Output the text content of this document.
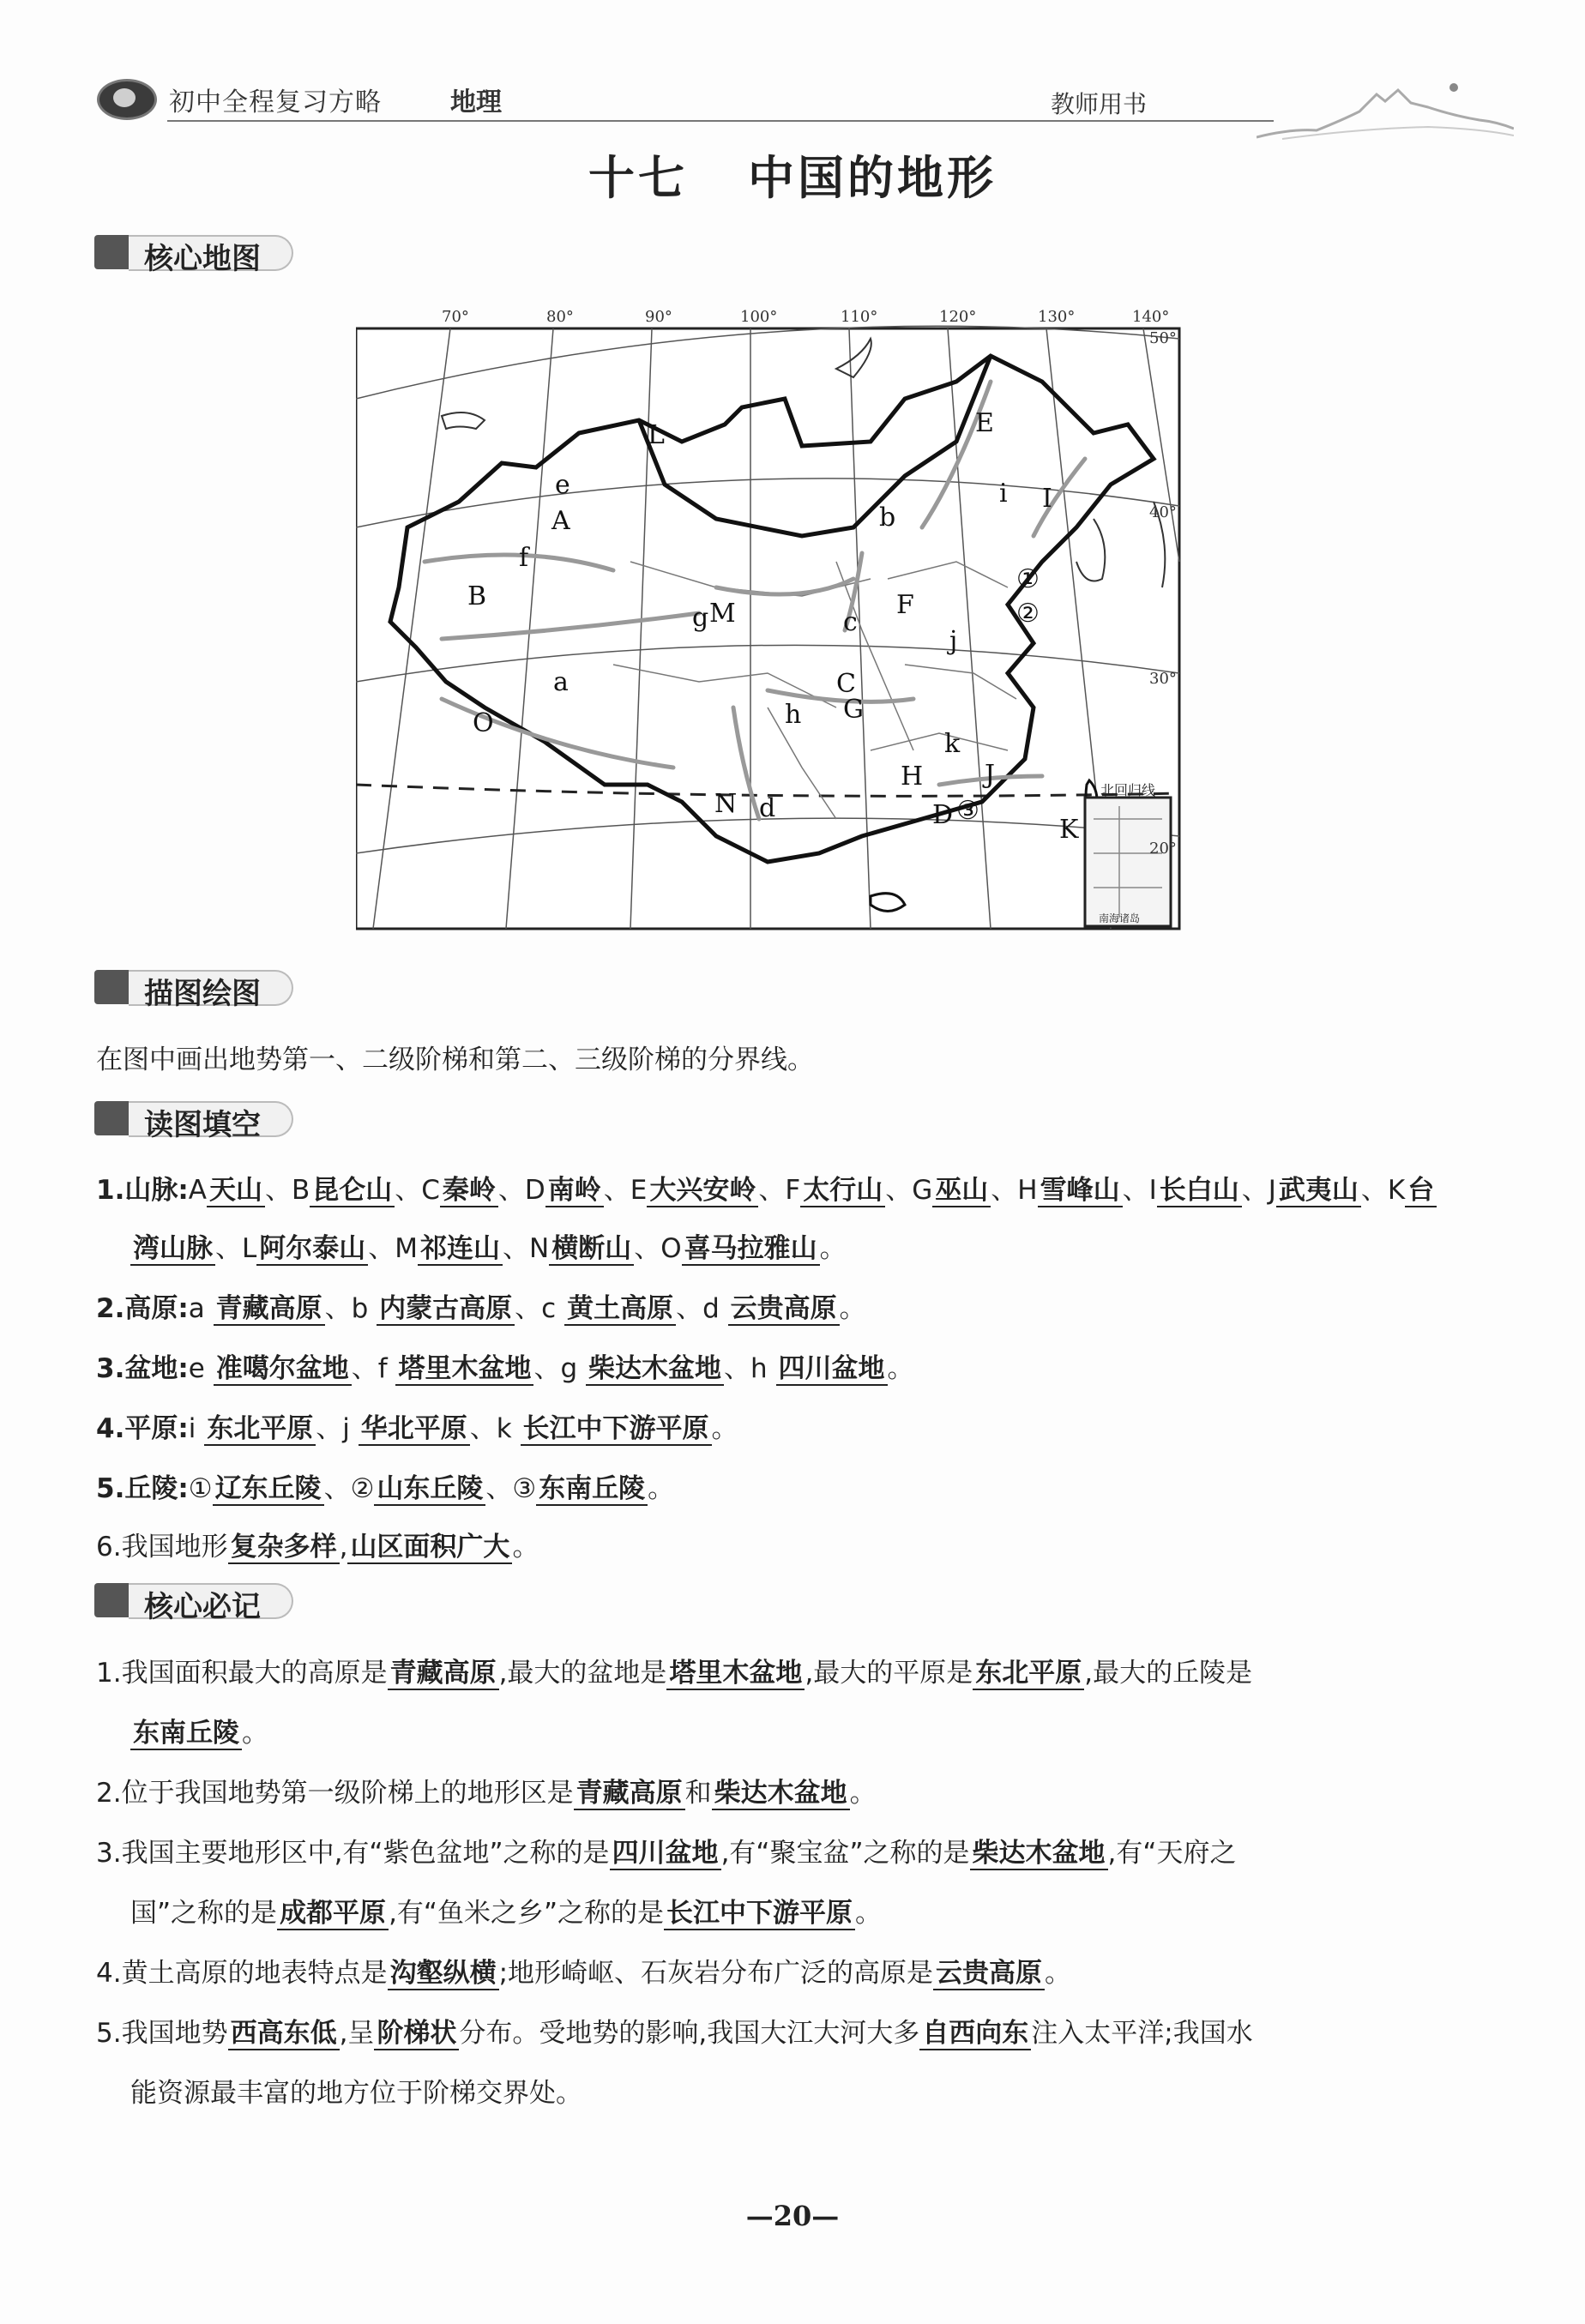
初中全程复习方略	地理	教师用书
十七 中国的地形
核心地图
70°	80°	90°	100°	110°	120°	130°	140°
50°
40°
30°
20°
北回归线
南海诸岛
A
B
C
D
E
F
G
H
I
J
K
L
M
N
O
a
b
c
d
e
f
g
h
i
j
k
①
②
③
描图绘图
在图中画出地势第一、二级阶梯和第二、三级阶梯的分界线。
读图填空
1.山脉:A天山、B昆仑山、C秦岭、D南岭、E大兴安岭、F太行山、G巫山、H雪峰山、I长白山、J武夷山、K台
湾山脉、L阿尔泰山、M祁连山、N横断山、O喜马拉雅山。
2.高原:a 青藏高原、b 内蒙古高原、c 黄土高原、d 云贵高原。
3.盆地:e 准噶尔盆地、f 塔里木盆地、g 柴达木盆地、h 四川盆地。
4.平原:i 东北平原、j 华北平原、k 长江中下游平原。
5.丘陵:①辽东丘陵、②山东丘陵、③东南丘陵。
6.我国地形复杂多样,山区面积广大。
核心必记
1.我国面积最大的高原是青藏高原,最大的盆地是塔里木盆地,最大的平原是东北平原,最大的丘陵是
东南丘陵。
2.位于我国地势第一级阶梯上的地形区是青藏高原和柴达木盆地。
3.我国主要地形区中,有“紫色盆地”之称的是四川盆地,有“聚宝盆”之称的是柴达木盆地,有“天府之
国”之称的是成都平原,有“鱼米之乡”之称的是长江中下游平原。
4.黄土高原的地表特点是沟壑纵横;地形崎岖、石灰岩分布广泛的高原是云贵高原。
5.我国地势西高东低,呈阶梯状分布。受地势的影响,我国大江大河大多自西向东注入太平洋;我国水
能资源最丰富的地方位于阶梯交界处。
—20—
